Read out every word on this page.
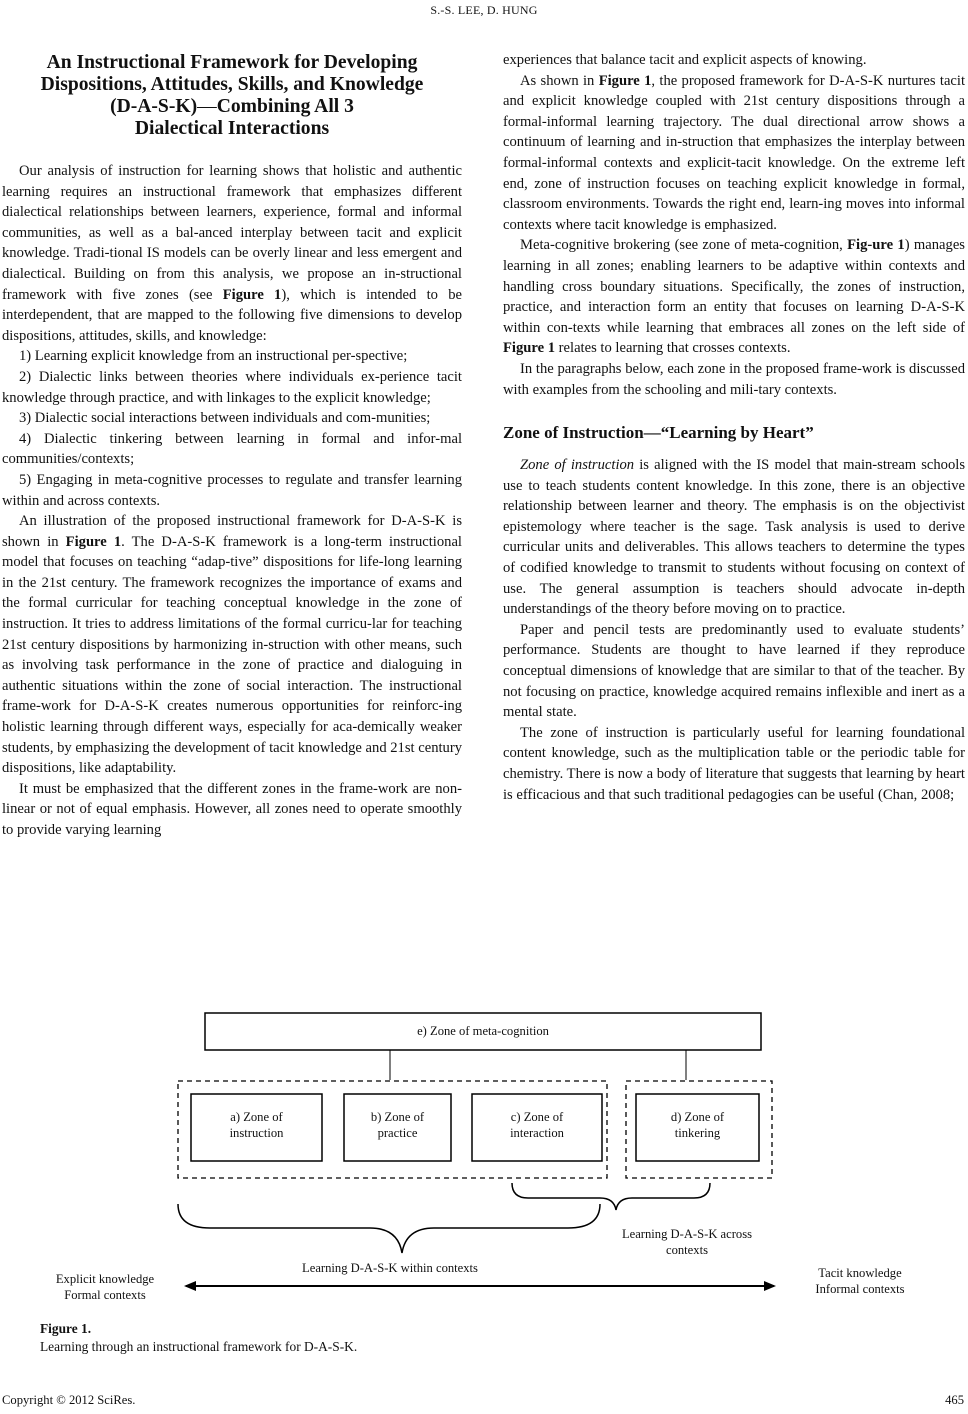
S.-S. LEE, D. HUNG
An Instructional Framework for Developing
Dispositions, Attitudes, Skills, and Knowledge
(D-A-S-K)—Combining All 3
Dialectical Interactions

Our analysis of instruction for learning shows that holistic and authentic learning requires an instructional framework that emphasizes different dialectical relationships between learners, experience, formal and informal communities, as well as a bal-anced interplay between tacit and explicit knowledge. Tradi-tional IS models can be overly linear and less emergent and dialectical. Building on from this analysis, we propose an in-structional framework with five zones (see Figure 1), which is intended to be interdependent, that are mapped to the following five dimensions to develop dispositions, attitudes, skills, and knowledge:

1) Learning explicit knowledge from an instructional per-spective;

2) Dialectic links between theories where individuals ex-perience tacit knowledge through practice, and with linkages to the explicit knowledge;

3) Dialectic social interactions between individuals and com-munities;

4) Dialectic tinkering between learning in formal and infor-mal communities/contexts;

5) Engaging in meta-cognitive processes to regulate and transfer learning within and across contexts.

An illustration of the proposed instructional framework for D-A-S-K is shown in Figure 1. The D-A-S-K framework is a long-term instructional model that focuses on teaching “adap-tive” dispositions for life-long learning in the 21st century. The framework recognizes the importance of exams and the formal curricular for teaching conceptual knowledge in the zone of instruction. It tries to address limitations of the formal curricu-lar for teaching 21st century dispositions by harmonizing in-struction with other means, such as involving task performance in the zone of practice and dialoguing in authentic situations within the zone of social interaction. The instructional frame-work for D-A-S-K creates numerous opportunities for reinforc-ing holistic learning through different ways, especially for aca-demically weaker students, by emphasizing the development of tacit knowledge and 21st century dispositions, like adaptability.

It must be emphasized that the different zones in the frame-work are non-linear or not of equal emphasis. However, all zones need to operate smoothly to provide varying learning

experiences that balance tacit and explicit aspects of knowing.

As shown in Figure 1, the proposed framework for D-A-S-K nurtures tacit and explicit knowledge coupled with 21st century dispositions through a formal-informal learning trajectory. The dual directional arrow shows a continuum of learning and in-struction that emphasizes the interplay between formal-informal contexts and explicit-tacit knowledge. On the extreme left end, zone of instruction focuses on teaching explicit knowledge in formal, classroom environments. Towards the right end, learn-ing moves into informal contexts where tacit knowledge is emphasized.

Meta-cognitive brokering (see zone of meta-cognition, Fig-ure 1) manages learning in all zones; enabling learners to be adaptive within contexts and handling cross boundary situations. Specifically, the zones of instruction, practice, and interaction form an entity that focuses on learning D-A-S-K within con-texts while learning that embraces all zones on the left side of Figure 1 relates to learning that crosses contexts.

In the paragraphs below, each zone in the proposed frame-work is discussed with examples from the schooling and mili-tary contexts.

Zone of Instruction—“Learning by Heart”

Zone of instruction is aligned with the IS model that main-stream schools use to teach students content knowledge. In this zone, there is an objective relationship between learner and theory. The emphasis is on the objectivist epistemology where teacher is the sage. Task analysis is used to derive curricular units and deliverables. This allows teachers to determine the types of codified knowledge to transmit to students without focusing on context of use. The general assumption is teachers should advocate in-depth understandings of the theory before moving on to practice.

Paper and pencil tests are predominantly used to evaluate students’ performance. Students are thought to have learned if they reproduce conceptual dimensions of knowledge that are similar to that of the teacher. By not focusing on practice, knowledge acquired remains inflexible and inert as a mental state.

The zone of instruction is particularly useful for learning foundational content knowledge, such as the multiplication table or the periodic table for chemistry. There is now a body of literature that suggests that learning by heart is efficacious and that such traditional pedagogies can be useful (Chan, 2008;

e) Zone of meta-cognition
a) Zone of
instruction
b) Zone of
practice
c) Zone of
interaction
d) Zone of
tinkering
Learning D-A-S-K across
contexts
Learning D-A-S-K within contexts
Explicit knowledge
Formal contexts
Tacit knowledge
Informal contexts
Figure 1.
Learning through an instructional framework for D-A-S-K.
Copyright © 2012 SciRes.	465
